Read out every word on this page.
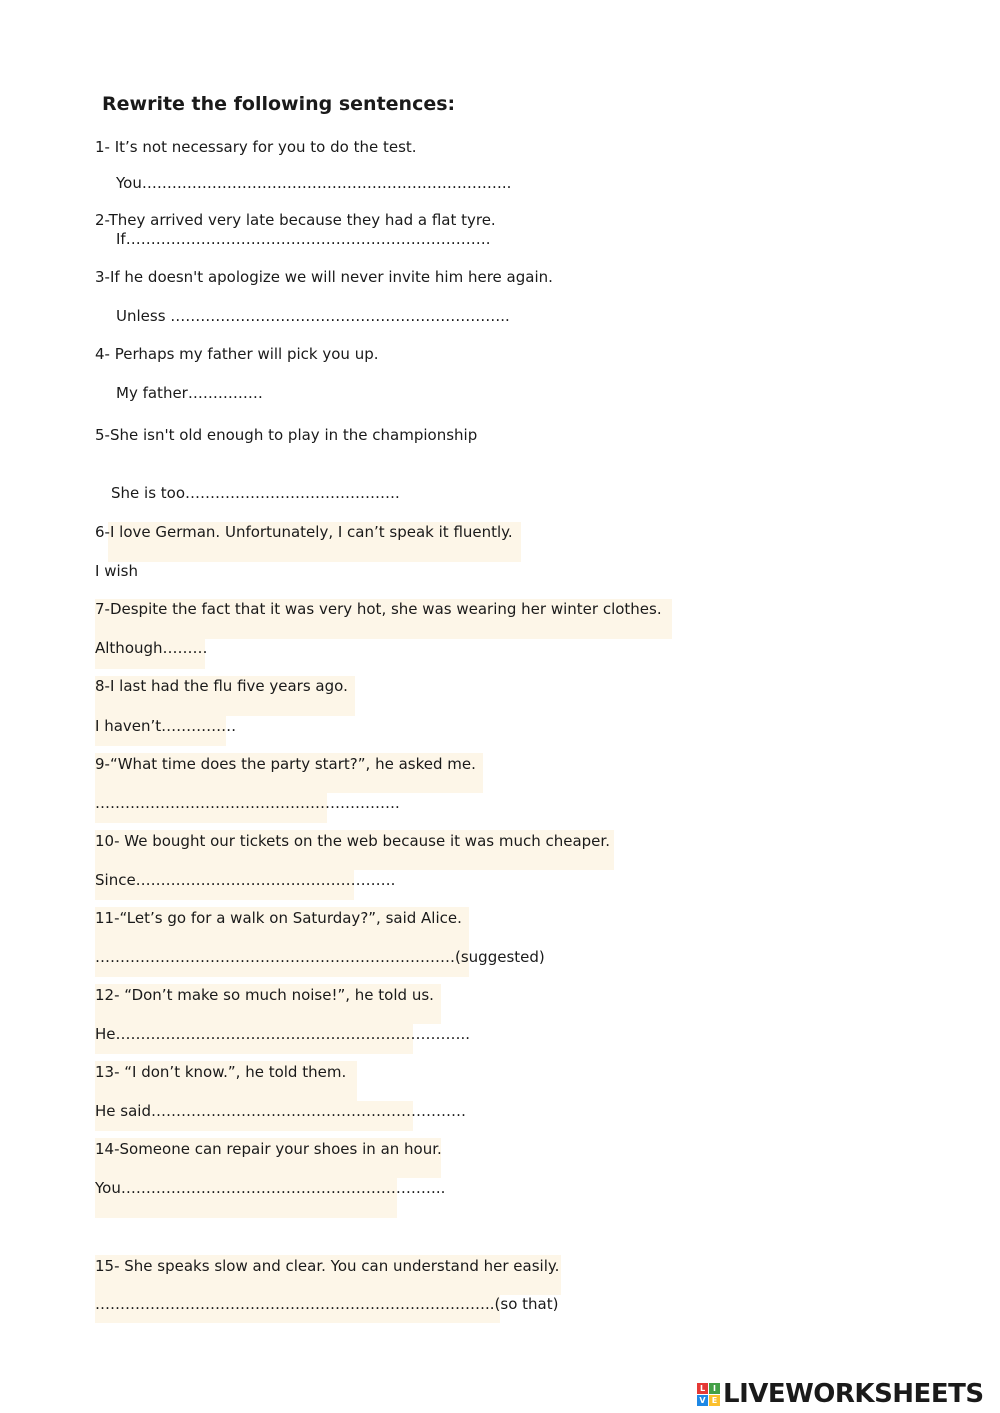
Rewrite the following sentences:
1- It’s not necessary for you to do the test.
You………………………………………………………………..
2-They arrived very late because they had a flat tyre.
If……………………………………………………………….
3-If he doesn't apologize we will never invite him here again.
Unless …………………………………………………………..
4- Perhaps my father will pick you up.
My father……………
5-She isn't old enough to play in the championship
She is too…………………………………….
6-I love German. Unfortunately, I can’t speak it fluently.
I wish
7-Despite the fact that it was very hot, she was wearing her winter clothes.
Although………
8-I last had the flu five years ago.
I haven’t……………
9-“What time does the party start?”, he asked me.
…………………………………………………….
10- We bought our tickets on the web because it was much cheaper.
Since…………………………………………….
11-“Let’s go for a walk on Saturday?”, said Alice.
………………………………………………………………(suggested)
12- “Don’t make so much noise!”, he told us.
He……………………………………………………………..
13- “I don’t know.”, he told them.
He said………………………………………………………
14-Someone can repair your shoes in an hour.
You………………………………………………………..
15- She speaks slow and clear. You can understand her easily.
……………………………………………………………………..(so that)
L I
V E LIVEWORKSHEETS
